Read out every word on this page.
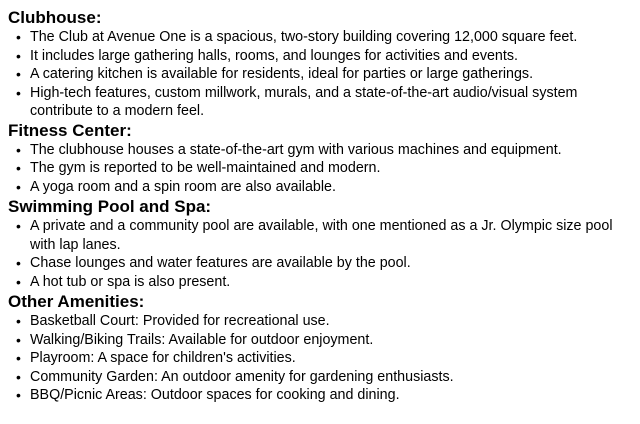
Clubhouse:
• The Club at Avenue One is a spacious, two-story building covering 12,000 square feet.
• It includes large gathering halls, rooms, and lounges for activities and events.
• A catering kitchen is available for residents, ideal for parties or large gatherings.
• High-tech features, custom millwork, murals, and a state-of-the-art audio/visual system contribute to a modern feel.
Fitness Center:
• The clubhouse houses a state-of-the-art gym with various machines and equipment.
• The gym is reported to be well-maintained and modern.
• A yoga room and a spin room are also available.
Swimming Pool and Spa:
• A private and a community pool are available, with one mentioned as a Jr. Olympic size pool with lap lanes.
• Chase lounges and water features are available by the pool.
• A hot tub or spa is also present.
Other Amenities:
• Basketball Court: Provided for recreational use.
• Walking/Biking Trails: Available for outdoor enjoyment.
• Playroom: A space for children's activities.
• Community Garden: An outdoor amenity for gardening enthusiasts.
• BBQ/Picnic Areas: Outdoor spaces for cooking and dining.
